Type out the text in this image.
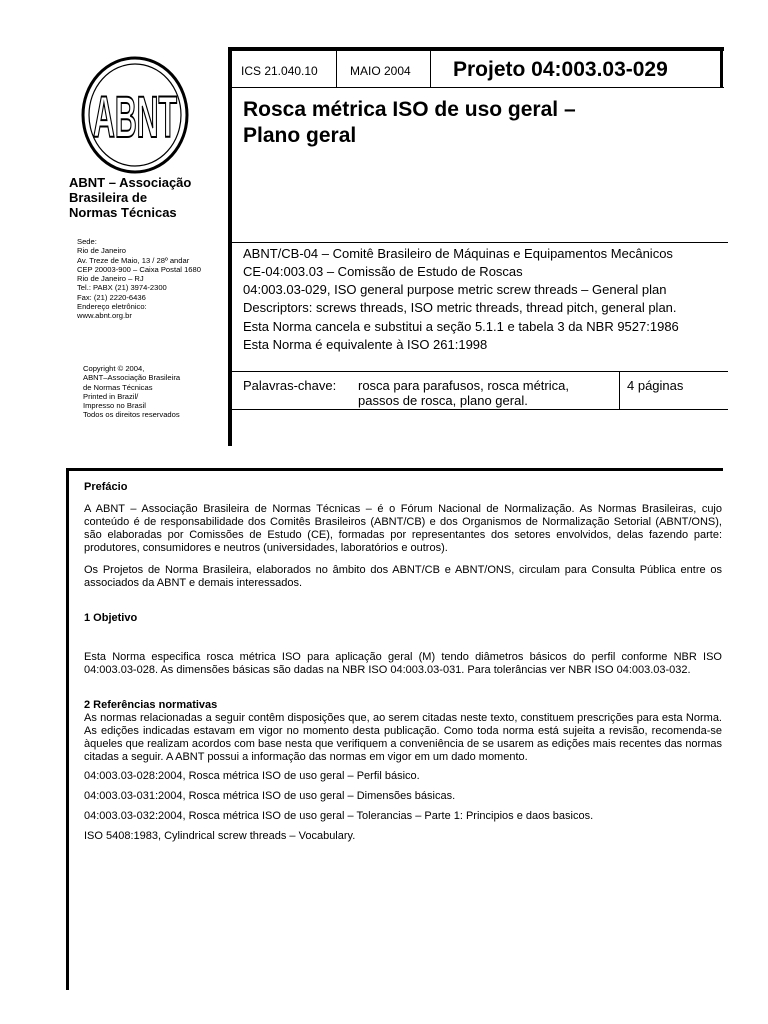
ABNT
ABNT – Associação
Brasileira de
Normas Técnicas
Sede:
Rio de Janeiro
Av. Treze de Maio, 13 / 28º andar
CEP 20003-900 – Caixa Postal 1680
Rio de Janeiro – RJ
Tel.: PABX (21) 3974-2300
Fax: (21) 2220-6436
Endereço eletrônico:
www.abnt.org.br
Copyright © 2004,
ABNT–Associação Brasileira
de Normas Técnicas
Printed in Brazil/
Impresso no Brasil
Todos os direitos reservados
ICS 21.040.10	MAIO 2004 Projeto 04:003.03-029
Rosca métrica ISO de uso geral –
Plano geral
ABNT/CB-04 – Comitê Brasileiro de Máquinas e Equipamentos Mecânicos
CE-04:003.03 – Comissão de Estudo de Roscas
04:003.03-029, ISO general purpose metric screw threads – General plan
Descriptors: screws threads, ISO metric threads, thread pitch, general plan.
Esta Norma cancela e substitui a seção 5.1.1 e tabela 3 da NBR 9527:1986
Esta Norma é equivalente à ISO 261:1998
Palavras-chave: rosca para parafusos, rosca métrica,
passos de rosca, plano geral.
4 páginas

Prefácio

A ABNT – Associação Brasileira de Normas Técnicas – é o Fórum Nacional de Normalização. As Normas Brasileiras, cujo conteúdo é de responsabilidade dos Comitês Brasileiros (ABNT/CB) e dos Organismos de Normalização Setorial (ABNT/ONS), são elaboradas por Comissões de Estudo (CE), formadas por representantes dos setores envolvidos, delas fazendo parte: produtores, consumidores e neutros (universidades, laboratórios e outros).

Os Projetos de Norma Brasileira, elaborados no âmbito dos ABNT/CB e ABNT/ONS, circulam para Consulta Pública entre os associados da ABNT e demais interessados.

1 Objetivo

Esta Norma especifica rosca métrica ISO para aplicação geral (M) tendo diâmetros básicos do perfil conforme NBR ISO 04:003.03-028. As dimensões básicas são dadas na NBR ISO 04:003.03-031. Para tolerâncias ver NBR ISO 04:003.03-032.

2 Referências normativas

As normas relacionadas a seguir contêm disposições que, ao serem citadas neste texto, constituem prescrições para esta Norma. As edições indicadas estavam em vigor no momento desta publicação. Como toda norma está sujeita a revisão, recomenda-se àqueles que realizam acordos com base nesta que verifiquem a conveniência de se usarem as edições mais recentes das normas citadas a seguir. A ABNT possui a informação das normas em vigor em um dado momento.

04:003.03-028:2004, Rosca métrica ISO de uso geral – Perfil básico.

04:003.03-031:2004, Rosca métrica ISO de uso geral – Dimensões básicas.

04:003.03-032:2004, Rosca métrica ISO de uso geral – Tolerancias – Parte 1: Principios e daos basicos.

ISO 5408:1983, Cylindrical screw threads – Vocabulary.
